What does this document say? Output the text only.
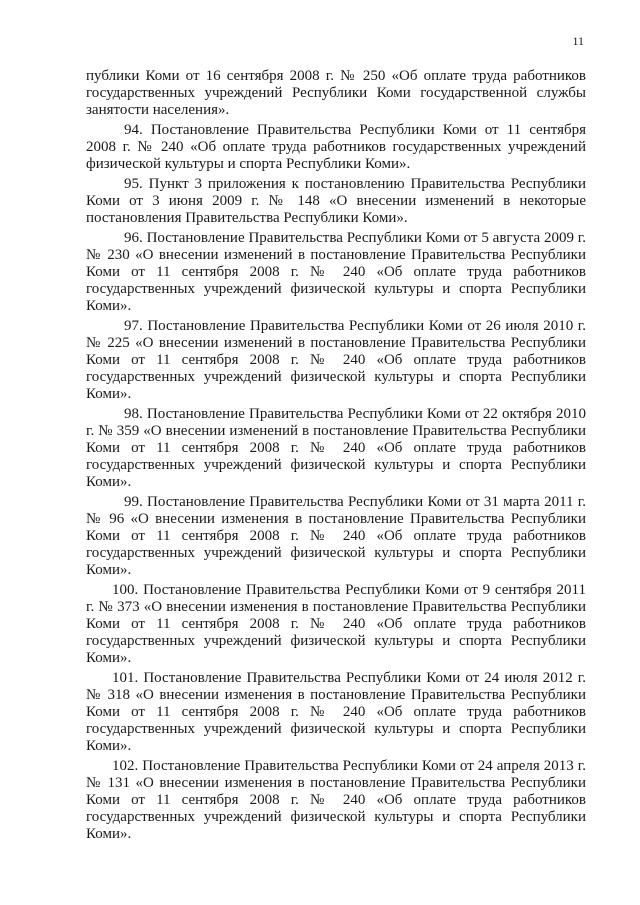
11

публики Коми от 16 сентября 2008 г. № 250 «Об оплате труда работников государственных учреждений Республики Коми государственной службы занятости населения».

94. Постановление Правительства Республики Коми от 11 сентября 2008 г. № 240 «Об оплате труда работников государственных учреждений физической культуры и спорта Республики Коми».

95. Пункт 3 приложения к постановлению Правительства Республики Коми от 3 июня 2009 г. № 148 «О внесении изменений в некоторые постановления Правительства Республики Коми».

96. Постановление Правительства Республики Коми от 5 августа 2009 г. № 230 «О внесении изменений в постановление Правительства Республики Коми от 11 сентября 2008 г. № 240 «Об оплате труда работников государственных учреждений физической культуры и спорта Республики Коми».

97. Постановление Правительства Республики Коми от 26 июля 2010 г. № 225 «О внесении изменений в постановление Правительства Республики Коми от 11 сентября 2008 г. № 240 «Об оплате труда работников государственных учреждений физической культуры и спорта Республики Коми».

98. Постановление Правительства Республики Коми от 22 октября 2010 г. № 359 «О внесении изменений в постановление Правительства Республики Коми от 11 сентября 2008 г. № 240 «Об оплате труда работников государственных учреждений физической культуры и спорта Республики Коми».

99. Постановление Правительства Республики Коми от 31 марта 2011 г. № 96 «О внесении изменения в постановление Правительства Республики Коми от 11 сентября 2008 г. № 240 «Об оплате труда работников государственных учреждений физической культуры и спорта Республики Коми».

100. Постановление Правительства Республики Коми от 9 сентября 2011 г. № 373 «О внесении изменения в постановление Правительства Республики Коми от 11 сентября 2008 г. № 240 «Об оплате труда работников государственных учреждений физической культуры и спорта Республики Коми».

101. Постановление Правительства Республики Коми от 24 июля 2012 г. № 318 «О внесении изменения в постановление Правительства Республики Коми от 11 сентября 2008 г. № 240 «Об оплате труда работников государственных учреждений физической культуры и спорта Республики Коми».

102. Постановление Правительства Республики Коми от 24 апреля 2013 г. № 131 «О внесении изменения в постановление Правительства Республики Коми от 11 сентября 2008 г. № 240 «Об оплате труда работников государственных учреждений физической культуры и спорта Республики Коми».
